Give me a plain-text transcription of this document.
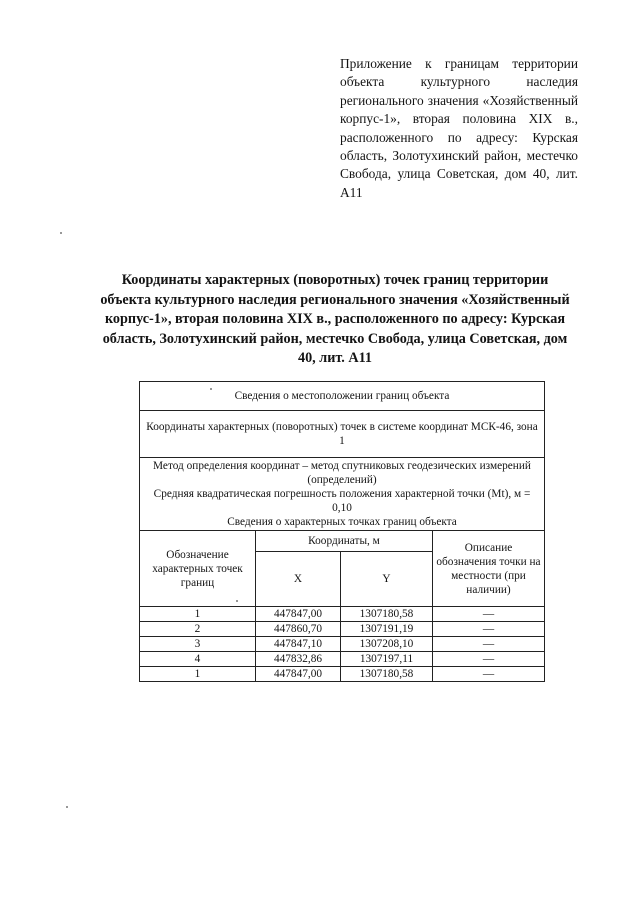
Приложение к границам территории объекта культурного наследия регионального значения «Хозяйственный корпус-1», вторая половина XIX в., расположенного по адресу: Курская область, Золотухинский район, местечко Свобода, улица Советская, дом 40, лит. А11
Координаты характерных (поворотных) точек границ территории объекта культурного наследия регионального значения «Хозяйственный корпус-1», вторая половина XIX в., расположенного по адресу: Курская область, Золотухинский район, местечко Свобода, улица Советская, дом 40, лит. А11
Сведения о местоположении границ объекта			
Координаты характерных (поворотных) точек в системе координат МСК-46, зона 1			

Метод определения координат – метод спутниковых геодезических измерений (определений)
Средняя квадратическая погрешность положения характерной точки (Mt), м = 0,10
Сведения о характерных точках границ объекта			

Обозначение характерных точек границ	Координаты, м		Описание обозначения точки на местности (при наличии)
	X	Y	
1	447847,00	1307180,58	—
2	447860,70	1307191,19	—
3	447847,10	1307208,10	—
4	447832,86	1307197,11	—
1	447847,00	1307180,58	—
